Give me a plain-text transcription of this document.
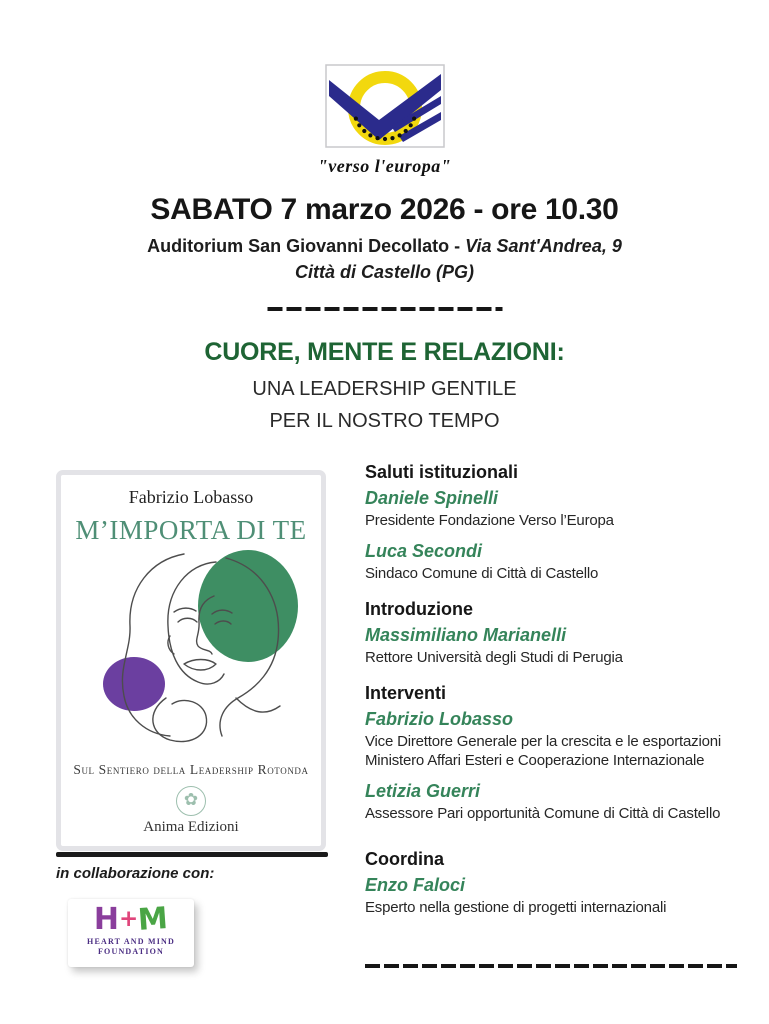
"verso l'europa"
SABATO 7 marzo 2026 - ore 10.30
Auditorium San Giovanni Decollato - Via Sant'Andrea, 9
Città di Castello (PG)
CUORE, MENTE E RELAZIONI:
UNA LEADERSHIP GENTILE
PER IL NOSTRO TEMPO
Fabrizio Lobasso
M’IMPORTA DI TE
Sul Sentiero della Leadership Rotonda
✿
Anima Edizioni
in collaborazione con:
H+M
HEART AND MIND
FOUNDATION
Saluti istituzionali
Daniele Spinelli
Presidente Fondazione Verso l’Europa
Luca Secondi
Sindaco Comune di Città di Castello
Introduzione
Massimiliano Marianelli
Rettore Università degli Studi di Perugia
Interventi
Fabrizio Lobasso
Vice Direttore Generale per la crescita e le esportazioni
Ministero Affari Esteri e Cooperazione Internazionale
Letizia Guerri
Assessore Pari opportunità Comune di Città di Castello
Coordina
Enzo Faloci
Esperto nella gestione di progetti internazionali
